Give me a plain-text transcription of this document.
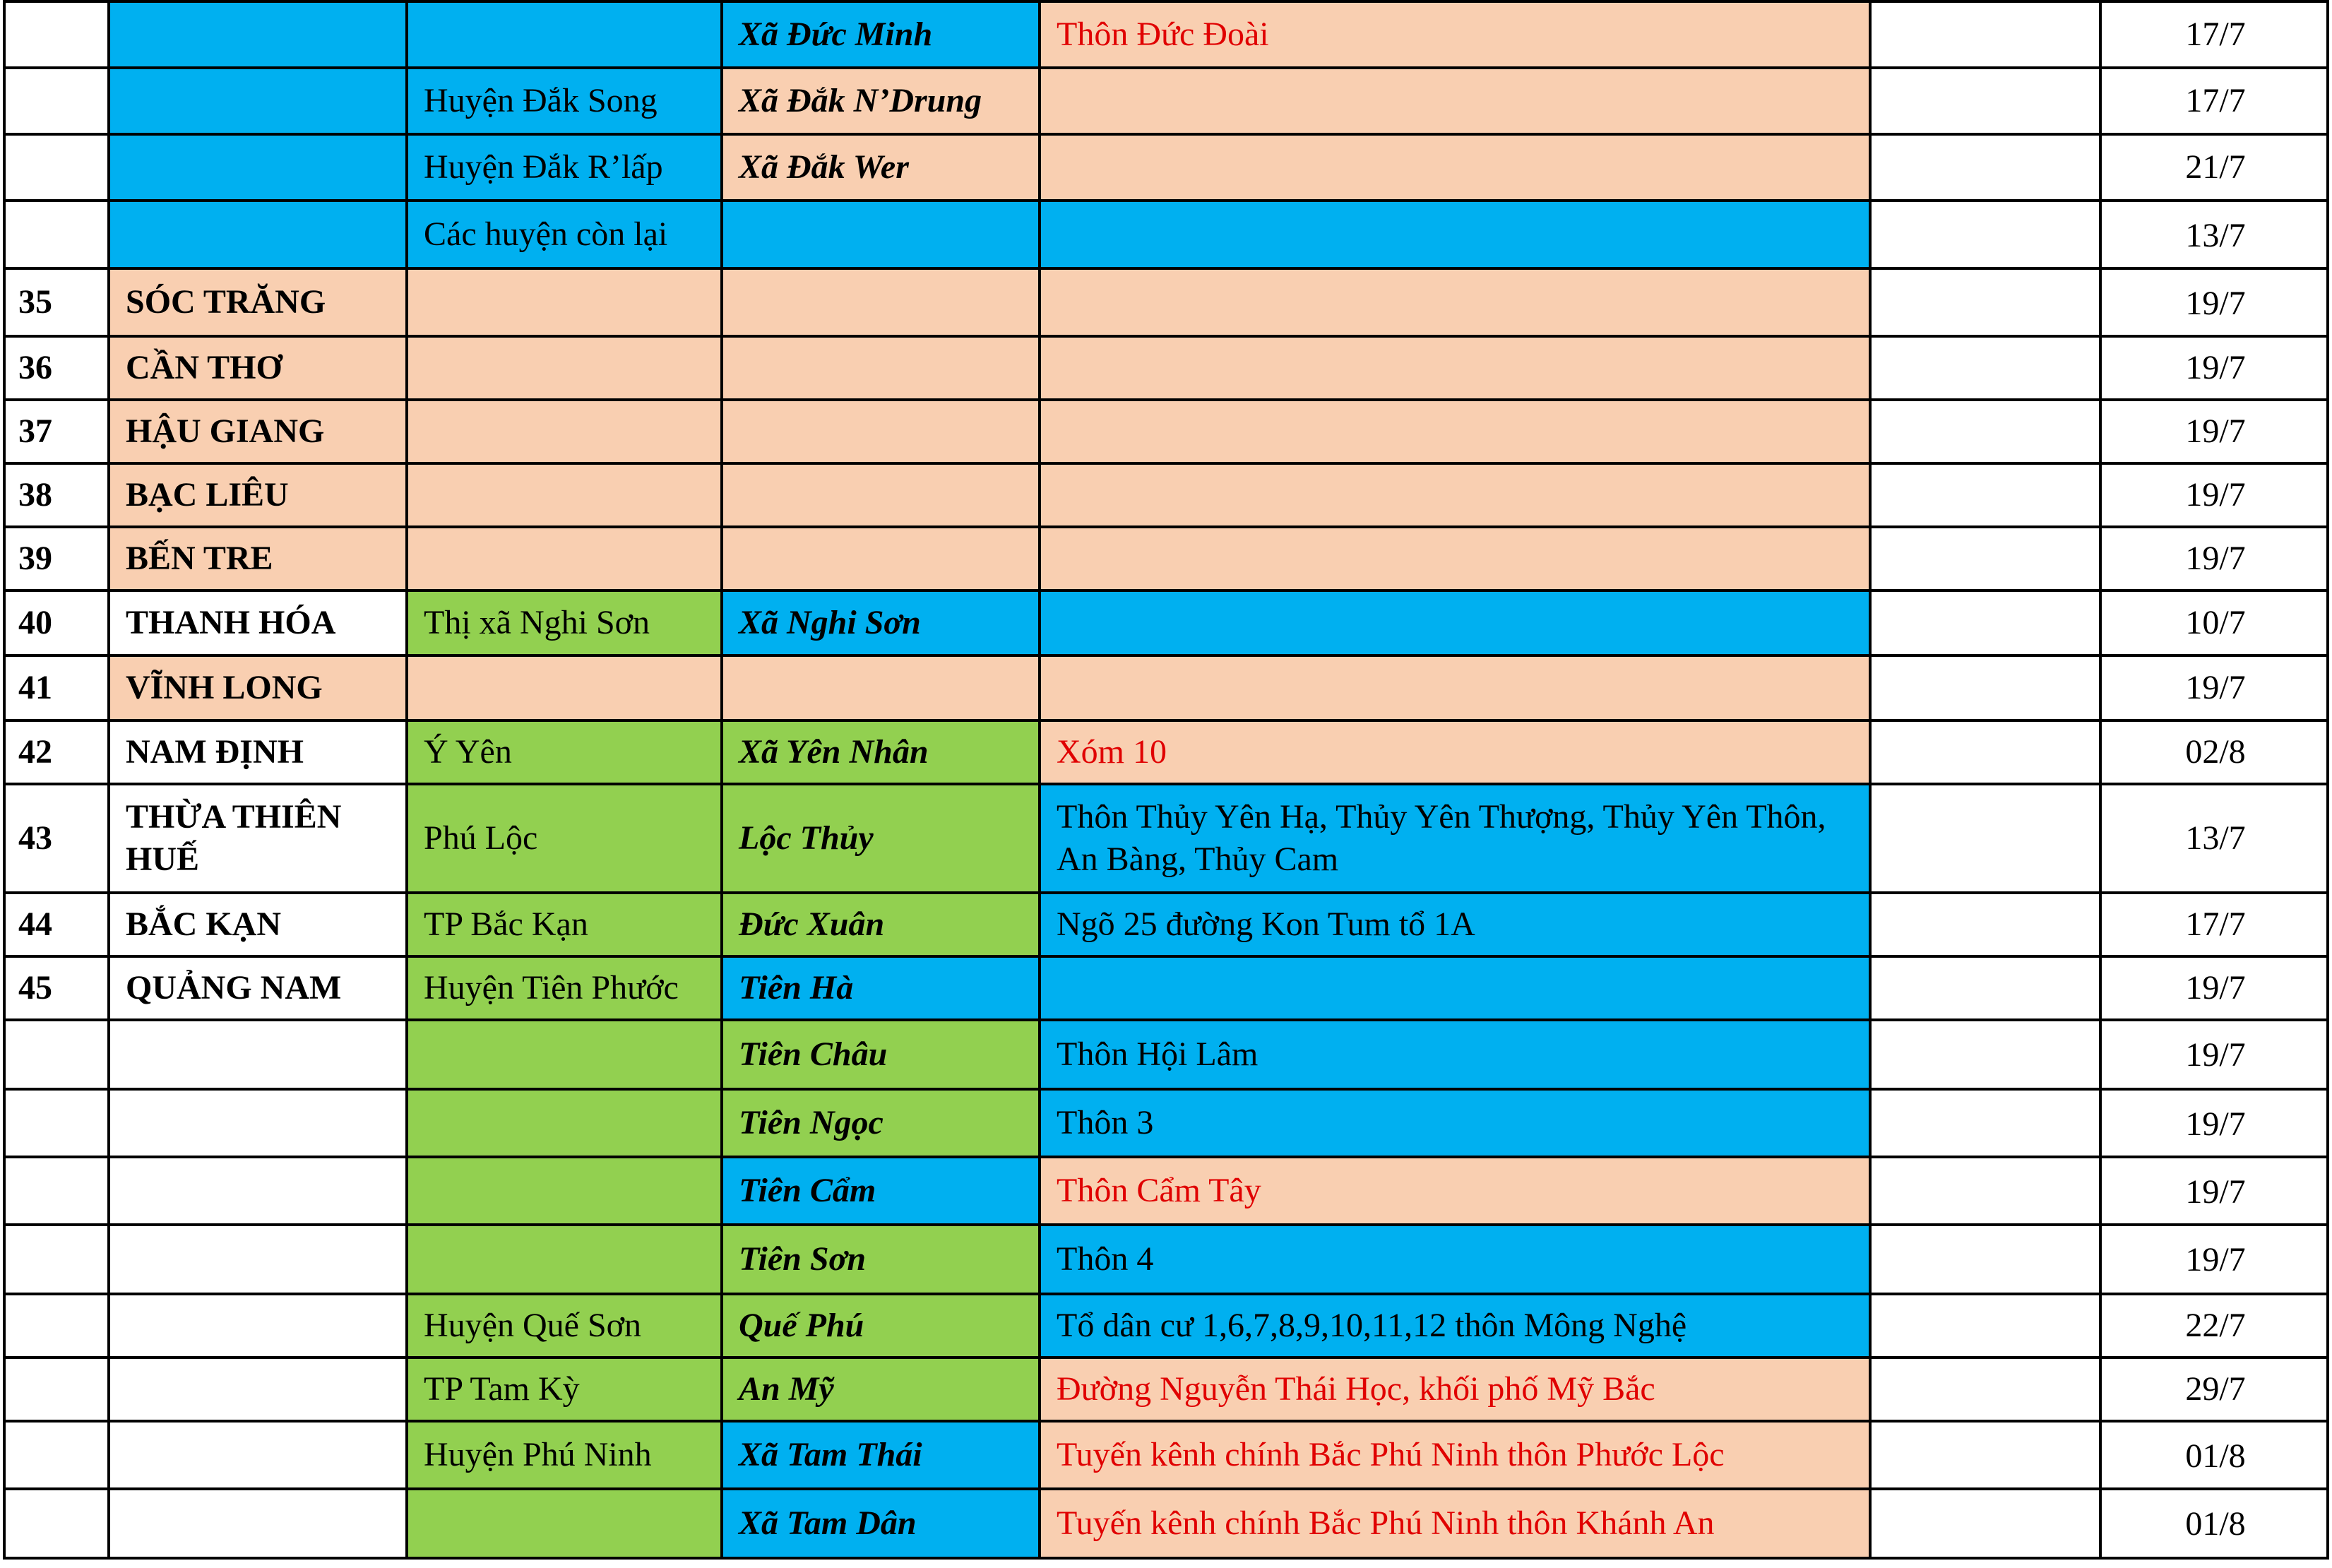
			Xã Đức Minh	Thôn Đức Đoài		17/7
		Huyện Đắk Song	Xã Đắk N’Drung			17/7
		Huyện Đắk R’lấp	Xã Đắk Wer			21/7
		Các huyện còn lại				13/7
35	SÓC TRĂNG					19/7
36	CẦN THƠ					19/7
37	HẬU GIANG					19/7
38	BẠC LIÊU					19/7
39	BẾN TRE					19/7
40	THANH HÓA	Thị xã Nghi Sơn	Xã Nghi Sơn			10/7
41	VĨNH LONG					19/7
42	NAM ĐỊNH	Ý Yên	Xã Yên Nhân	Xóm 10		02/8
43	THỪA THIÊN HUẾ	Phú Lộc	Lộc Thủy	Thôn Thủy Yên Hạ, Thủy Yên Thượng, Thủy Yên Thôn, An Bàng, Thủy Cam		13/7
44	BẮC KẠN	TP Bắc Kạn	Đức Xuân	Ngõ 25 đường Kon Tum tổ 1A		17/7
45	QUẢNG NAM	Huyện Tiên Phước	Tiên Hà			19/7
			Tiên Châu	Thôn Hội Lâm		19/7
			Tiên Ngọc	Thôn 3		19/7
			Tiên Cẩm	Thôn Cẩm Tây		19/7
			Tiên Sơn	Thôn 4		19/7
		Huyện Quế Sơn	Quế Phú	Tổ dân cư 1,6,7,8,9,10,11,12 thôn Mông Nghệ		22/7
		TP Tam Kỳ	An Mỹ	Đường Nguyễn Thái Học, khối phố Mỹ Bắc		29/7
		Huyện Phú Ninh	Xã Tam Thái	Tuyến kênh chính Bắc Phú Ninh thôn Phước Lộc		01/8
			Xã Tam Dân	Tuyến kênh chính Bắc Phú Ninh thôn Khánh An		01/8
